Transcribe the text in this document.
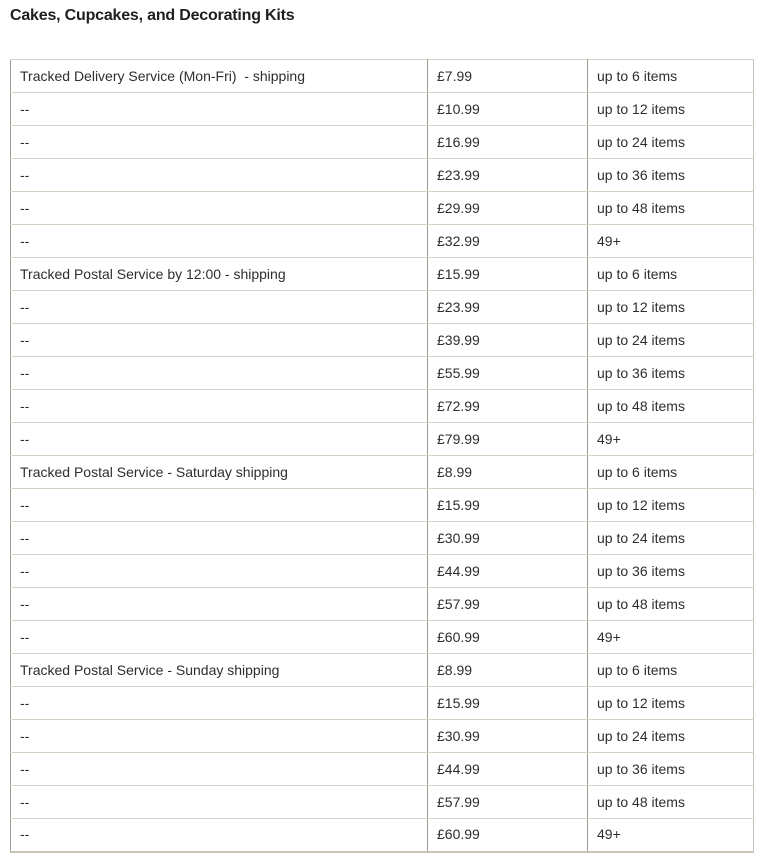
Cakes, Cupcakes, and Decorating Kits
Tracked Delivery Service (Mon-Fri)  - shipping	£7.99	up to 6 items
--	£10.99	up to 12 items
--	£16.99	up to 24 items
--	£23.99	up to 36 items
--	£29.99	up to 48 items
--	£32.99	49+
Tracked Postal Service by 12:00 - shipping	£15.99	up to 6 items
--	£23.99	up to 12 items
--	£39.99	up to 24 items
--	£55.99	up to 36 items
--	£72.99	up to 48 items
--	£79.99	49+
Tracked Postal Service - Saturday shipping	£8.99	up to 6 items
--	£15.99	up to 12 items
--	£30.99	up to 24 items
--	£44.99	up to 36 items
--	£57.99	up to 48 items
--	£60.99	49+
Tracked Postal Service - Sunday shipping	£8.99	up to 6 items
--	£15.99	up to 12 items
--	£30.99	up to 24 items
--	£44.99	up to 36 items
--	£57.99	up to 48 items
--	£60.99	49+
